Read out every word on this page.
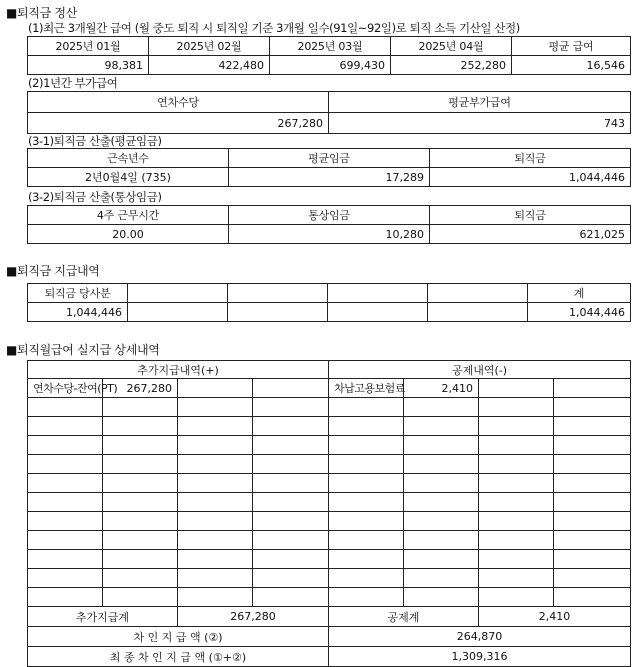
■퇴직금 정산
(1)최근 3개월간 급여 (월 중도 퇴직 시 퇴직일 기준 3개월 일수(91일~92일)로 퇴직 소득 기산일 산정)
2025년 01월	2025년 02월	2025년 03월	2025년 04월	평균 급여
98,381	422,480	699,430	252,280	16,546
(2)1년간 부가급여
연차수당	평균부가급여
267,280	743
(3-1)퇴직금 산출(평균임금)
근속년수	평균임금	퇴직금
2년0월4일 (735)	17,289	1,044,446
(3-2)퇴직금 산출(통상임금)
4주 근무시간	통상임금	퇴직금
20.00	10,280	621,025
■퇴직금 지급내역
퇴직금 당사분					계
1,044,446					1,044,446
■퇴직월급여 실지급 상세내역
추가지급내역(+)				공제내역(-)			
연차수당-잔여(PT)	267,280			차납고용보험료	2,410		

추가지급계		267,280		공제계		2,410	
차 인 지 급 액 (②)				264,870			
최 종 차 인 지 급 액 (①+②)				1,309,316			
